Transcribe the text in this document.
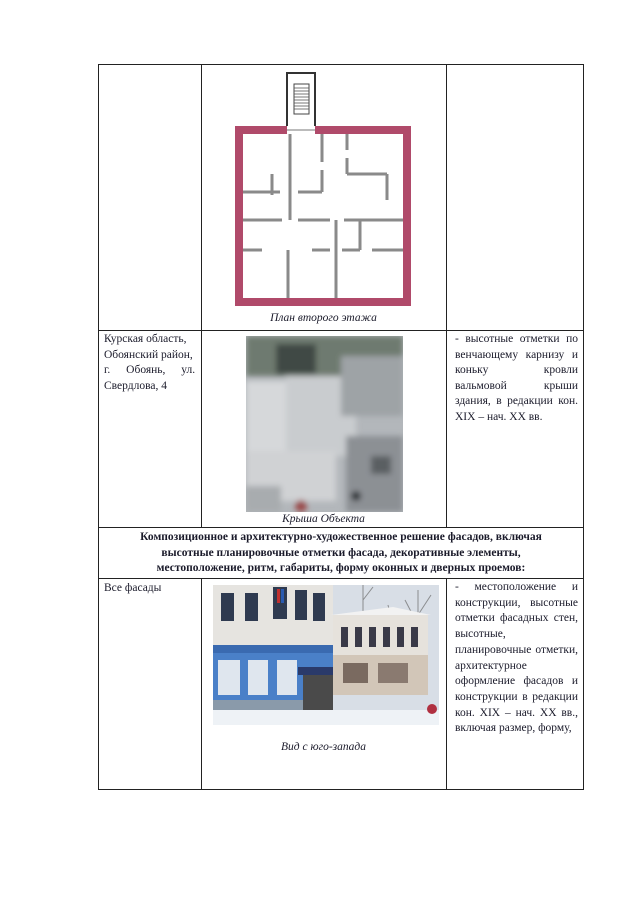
План второго этажа
Курская область,
Обоянский район,
г. Обоянь, ул.
Свердлова, 4
Крыша Объекта
- высотные отметки по венчающему карнизу и коньку кровли вальмовой крыши здания, в редакции кон. XIX – нач. XX вв.
Композиционное и архитектурно-художественное решение фасадов, включая
высотные планировочные отметки фасада, декоративные элементы,
местоположение, ритм, габариты, форму оконных и дверных проемов:
Все фасады
Вид с юго-запада
- местоположение и конструкции, высотные отметки фасадных стен, высотные, планировочные отметки, архитектурное оформление фасадов и конструкции в редакции кон. XIX – нач. XX вв., включая размер, форму,
